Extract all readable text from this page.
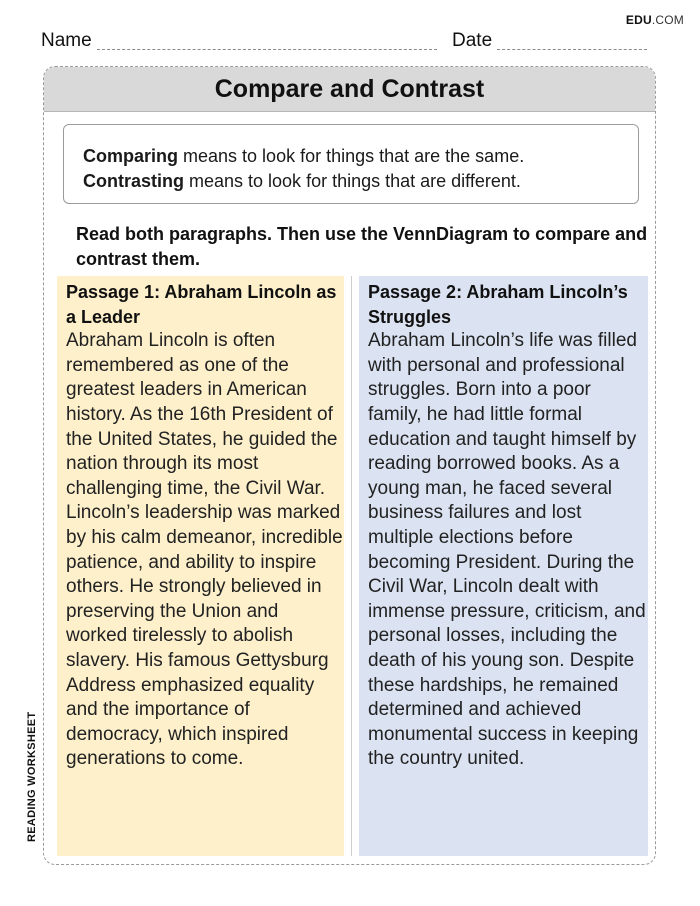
EDU.COM
Name	Date
Compare and Contrast
Comparing means to look for things that are the same.
Contrasting means to look for things that are different.
Read both paragraphs. Then use the VennDiagram to compare and contrast them.
Passage 1: Abraham Lincoln as a Leader
Abraham Lincoln is often remembered as one of the greatest leaders in American history. As the 16th President of the United States, he guided the nation through its most challenging time, the Civil War. Lincoln’s leadership was marked by his calm demeanor, incredible patience, and ability to inspire others. He strongly believed in preserving the Union and worked tirelessly to abolish slavery. His famous Gettysburg Address emphasized equality and the importance of democracy, which inspired generations to come.
Passage 2: Abraham Lincoln’s Struggles
Abraham Lincoln’s life was filled with personal and professional struggles. Born into a poor family, he had little formal education and taught himself by reading borrowed books. As a young man, he faced several business failures and lost multiple elections before becoming President. During the Civil War, Lincoln dealt with immense pressure, criticism, and personal losses, including the death of his young son. Despite these hardships, he remained determined and achieved monumental success in keeping the country united.
READING WORKSHEET
